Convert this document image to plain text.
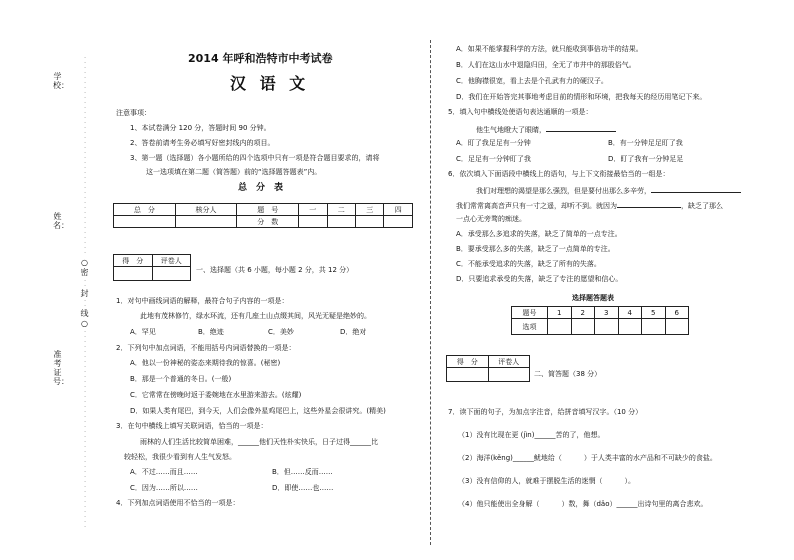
学校：
姓名：
准考证号：
·
·
·
·
·
·
·
·
·
·
·
·
·
·
·
·
·
·
·
·
·
·
·
·
·
·
·
·
·
·
·
·
·
·
·
·
·
·
·
·
○
密
·
·
封
·
·
线
○
·
·
·
·
·
·
·
·
·
·
·
·
·
·
·
·
·
·
·
·
·
·
·
·
·
·
·
·
·
·
·
·
·
·
·
·
·
·
·
·
2014 年呼和浩特市中考试卷
汉 语 文
注意事项：
1、本试卷满分 120 分，答题时间 90 分钟。
2、答卷前请考生务必填写好密封线内的项目。
3、第一题（选择题）各小题所给的四个选项中只有一项是符合题目要求的，请将
这一选项填在第二题（简答题）前的“选择题答题表”内。
总　分　表
总　分	核分人	题　号	一	二	三	四
		分　数				
得　分	评卷人

一、选择题（共 6 小题，每小题 2 分，共 12 分）
1．对句中画线词语的解释，最符合句子内容的一项是：
此地有茂林修竹，绿水环流，还有几座土山点缀其间，风光无疑是绝妙的。
A．罕见	B．绝迹	C．美妙	D．绝对
2．下列句中加点词语，不能用括号内词语替换的一项是：
A．他以一份神秘的姿态来期待我的惊喜。(秘密)
B．那是一个普通的冬日。(一般)
C．它常常在傍晚时返于委婉地在水里游来游去。(炫耀)
D．如果人类有尾巴，到今天，人们会像外星鸡尾巴上，这些外星会很讲究。(精美)
3．在句中横线上填写关联词语，恰当的一项是：
雨林的人们生活比较简单困难，______他们天性朴实快乐，日子过得______比
较轻松，我很少看到有人生气发怒。
A．不过……而且……	B．但……反而……
C．因为……所以……	D．即使……也……
4．下列加点词语使用不恰当的一项是：
A．如果不能掌握科学的方法，就只能收到事倍功半的结果。
B．人们在这山水中退隐归田，全无了市井中的那股俗气。
C．他胸襟很宽，看上去是个孔武有力的硬汉子。
D．我们在开始答完其事地考虑目前的情形和环境，把我每天的经历用笔记下来。
5．填入句中横线处使语句表达通顺的一项是：
他生气地瞪大了眼睛，
A．盯了我足足有一分钟	B．有一分钟足足盯了我
C．足足有一分钟盯了我	D．盯了我有一分钟足足
6．依次填入下面语段中横线上的语句，与上下文衔接最恰当的一组是：
我们对理想的渴望是那么强烈，但是要付出那么多辛劳，
我们常常离高音声只有一寸之遥，却听不到。就因为	，缺乏了那么
一点心无旁骛的痴迷。
A．承受那么多追求的失落，缺乏了简单的一点专注。
B．要承受那么多的失落，缺乏了一点简单的专注。
C．不能承受追求的失落，缺乏了所有的失落。
D．只要追求承受的失落，缺乏了专注的愿望和信心。
选择题答题表
题号	1	2	3	4	5	6
选项						
得　分	评卷人

二、简答题（38 分）
7．读下面的句子，为加点字注音，给拼音填写汉字。（10 分）
（1）没有比现在更 (jìn)______苦的了，他想。
（2）海洋(kěng)______鱿地给（	）于人类丰富的水产品和不可缺少的食盐。
（3）没有信仰的人，就难于摆脱生活的迷惘（	）。
（4）他只能使出全身解（	）数，舞（dǎo）______出诗句里的离合悲欢。
